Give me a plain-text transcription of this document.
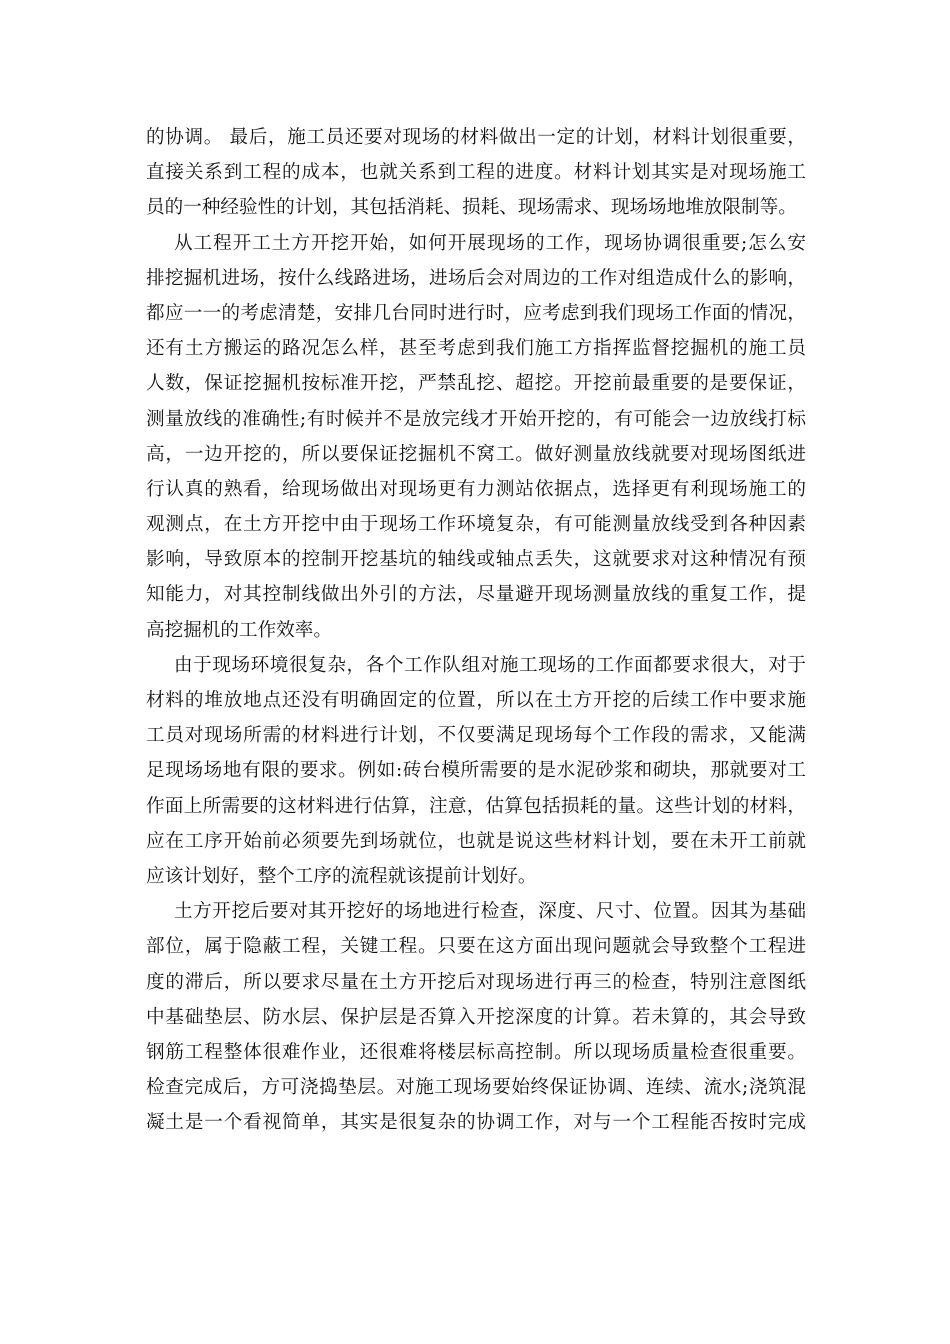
的协调。 最后，施工员还要对现场的材料做出一定的计划，材料计划很重要，
直接关系到工程的成本，也就关系到工程的进度。材料计划其实是对现场施工
员的一种经验性的计划，其包括消耗、损耗、现场需求、现场场地堆放限制等。
从工程开工土方开挖开始，如何开展现场的工作，现场协调很重要;怎么安
排挖掘机进场，按什么线路进场，进场后会对周边的工作对组造成什么的影响，
都应一一的考虑清楚，安排几台同时进行时，应考虑到我们现场工作面的情况，
还有土方搬运的路况怎么样，甚至考虑到我们施工方指挥监督挖掘机的施工员
人数，保证挖掘机按标准开挖，严禁乱挖、超挖。开挖前最重要的是要保证，
测量放线的准确性;有时候并不是放完线才开始开挖的，有可能会一边放线打标
高，一边开挖的，所以要保证挖掘机不窝工。做好测量放线就要对现场图纸进
行认真的熟看，给现场做出对现场更有力测站依据点，选择更有利现场施工的
观测点，在土方开挖中由于现场工作环境复杂，有可能测量放线受到各种因素
影响，导致原本的控制开挖基坑的轴线或轴点丢失，这就要求对这种情况有预
知能力，对其控制线做出外引的方法，尽量避开现场测量放线的重复工作，提
高挖掘机的工作效率。
由于现场环境很复杂，各个工作队组对施工现场的工作面都要求很大，对于
材料的堆放地点还没有明确固定的位置，所以在土方开挖的后续工作中要求施
工员对现场所需的材料进行计划，不仅要满足现场每个工作段的需求，又能满
足现场场地有限的要求。例如:砖台模所需要的是水泥砂浆和砌块，那就要对工
作面上所需要的这材料进行估算，注意，估算包括损耗的量。这些计划的材料，
应在工序开始前必须要先到场就位，也就是说这些材料计划，要在未开工前就
应该计划好，整个工序的流程就该提前计划好。
土方开挖后要对其开挖好的场地进行检查，深度、尺寸、位置。因其为基础
部位，属于隐蔽工程，关键工程。只要在这方面出现问题就会导致整个工程进
度的滞后，所以要求尽量在土方开挖后对现场进行再三的检查，特别注意图纸
中基础垫层、防水层、保护层是否算入开挖深度的计算。若未算的，其会导致
钢筋工程整体很难作业，还很难将楼层标高控制。所以现场质量检查很重要。
检查完成后，方可浇捣垫层。对施工现场要始终保证协调、连续、流水;浇筑混
凝土是一个看视简单，其实是很复杂的协调工作，对与一个工程能否按时完成
